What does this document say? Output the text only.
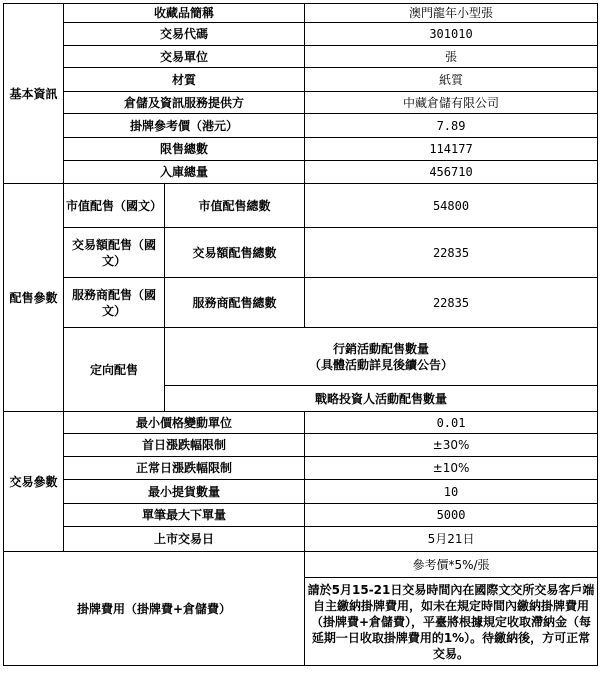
基本資訊	收藏品簡稱		澳門龍年小型張	
	交易代碼		301010	
	交易單位		張	
	材質		紙質	
	倉儲及資訊服務提供方		中藏倉儲有限公司	
	掛牌參考價（港元）		7.89	
	限售總數		114177	
	入庫總量		456710	
配售參數	市值配售（國文）	市值配售總數	54800	
	交易額配售（國文）	交易額配售總數	22835	
	服務商配售（國文）	服務商配售總數	22835	
	定向配售	行銷活動配售數量
（具體活動詳見後續公告）

		戰略投資人活動配售數量	
交易參數	最小價格變動單位		0.01	
	首日漲跌幅限制		±30%	
	正常日漲跌幅限制		±10%	
	最小提貨數量		10	
	單筆最大下單量		5000	
	上市交易日		5月21日	
掛牌費用（掛牌費+倉儲費）			參考價*5%/張	
			請於5月15-21日交易時間內在國際文交所交易客戶端自主繳納掛牌費用，如未在規定時間內繳納掛牌費用（掛牌費+倉儲費），平臺將根據規定收取滯納金（每延期一日收取掛牌費用的1%）。待繳納後，方可正常交易。	
